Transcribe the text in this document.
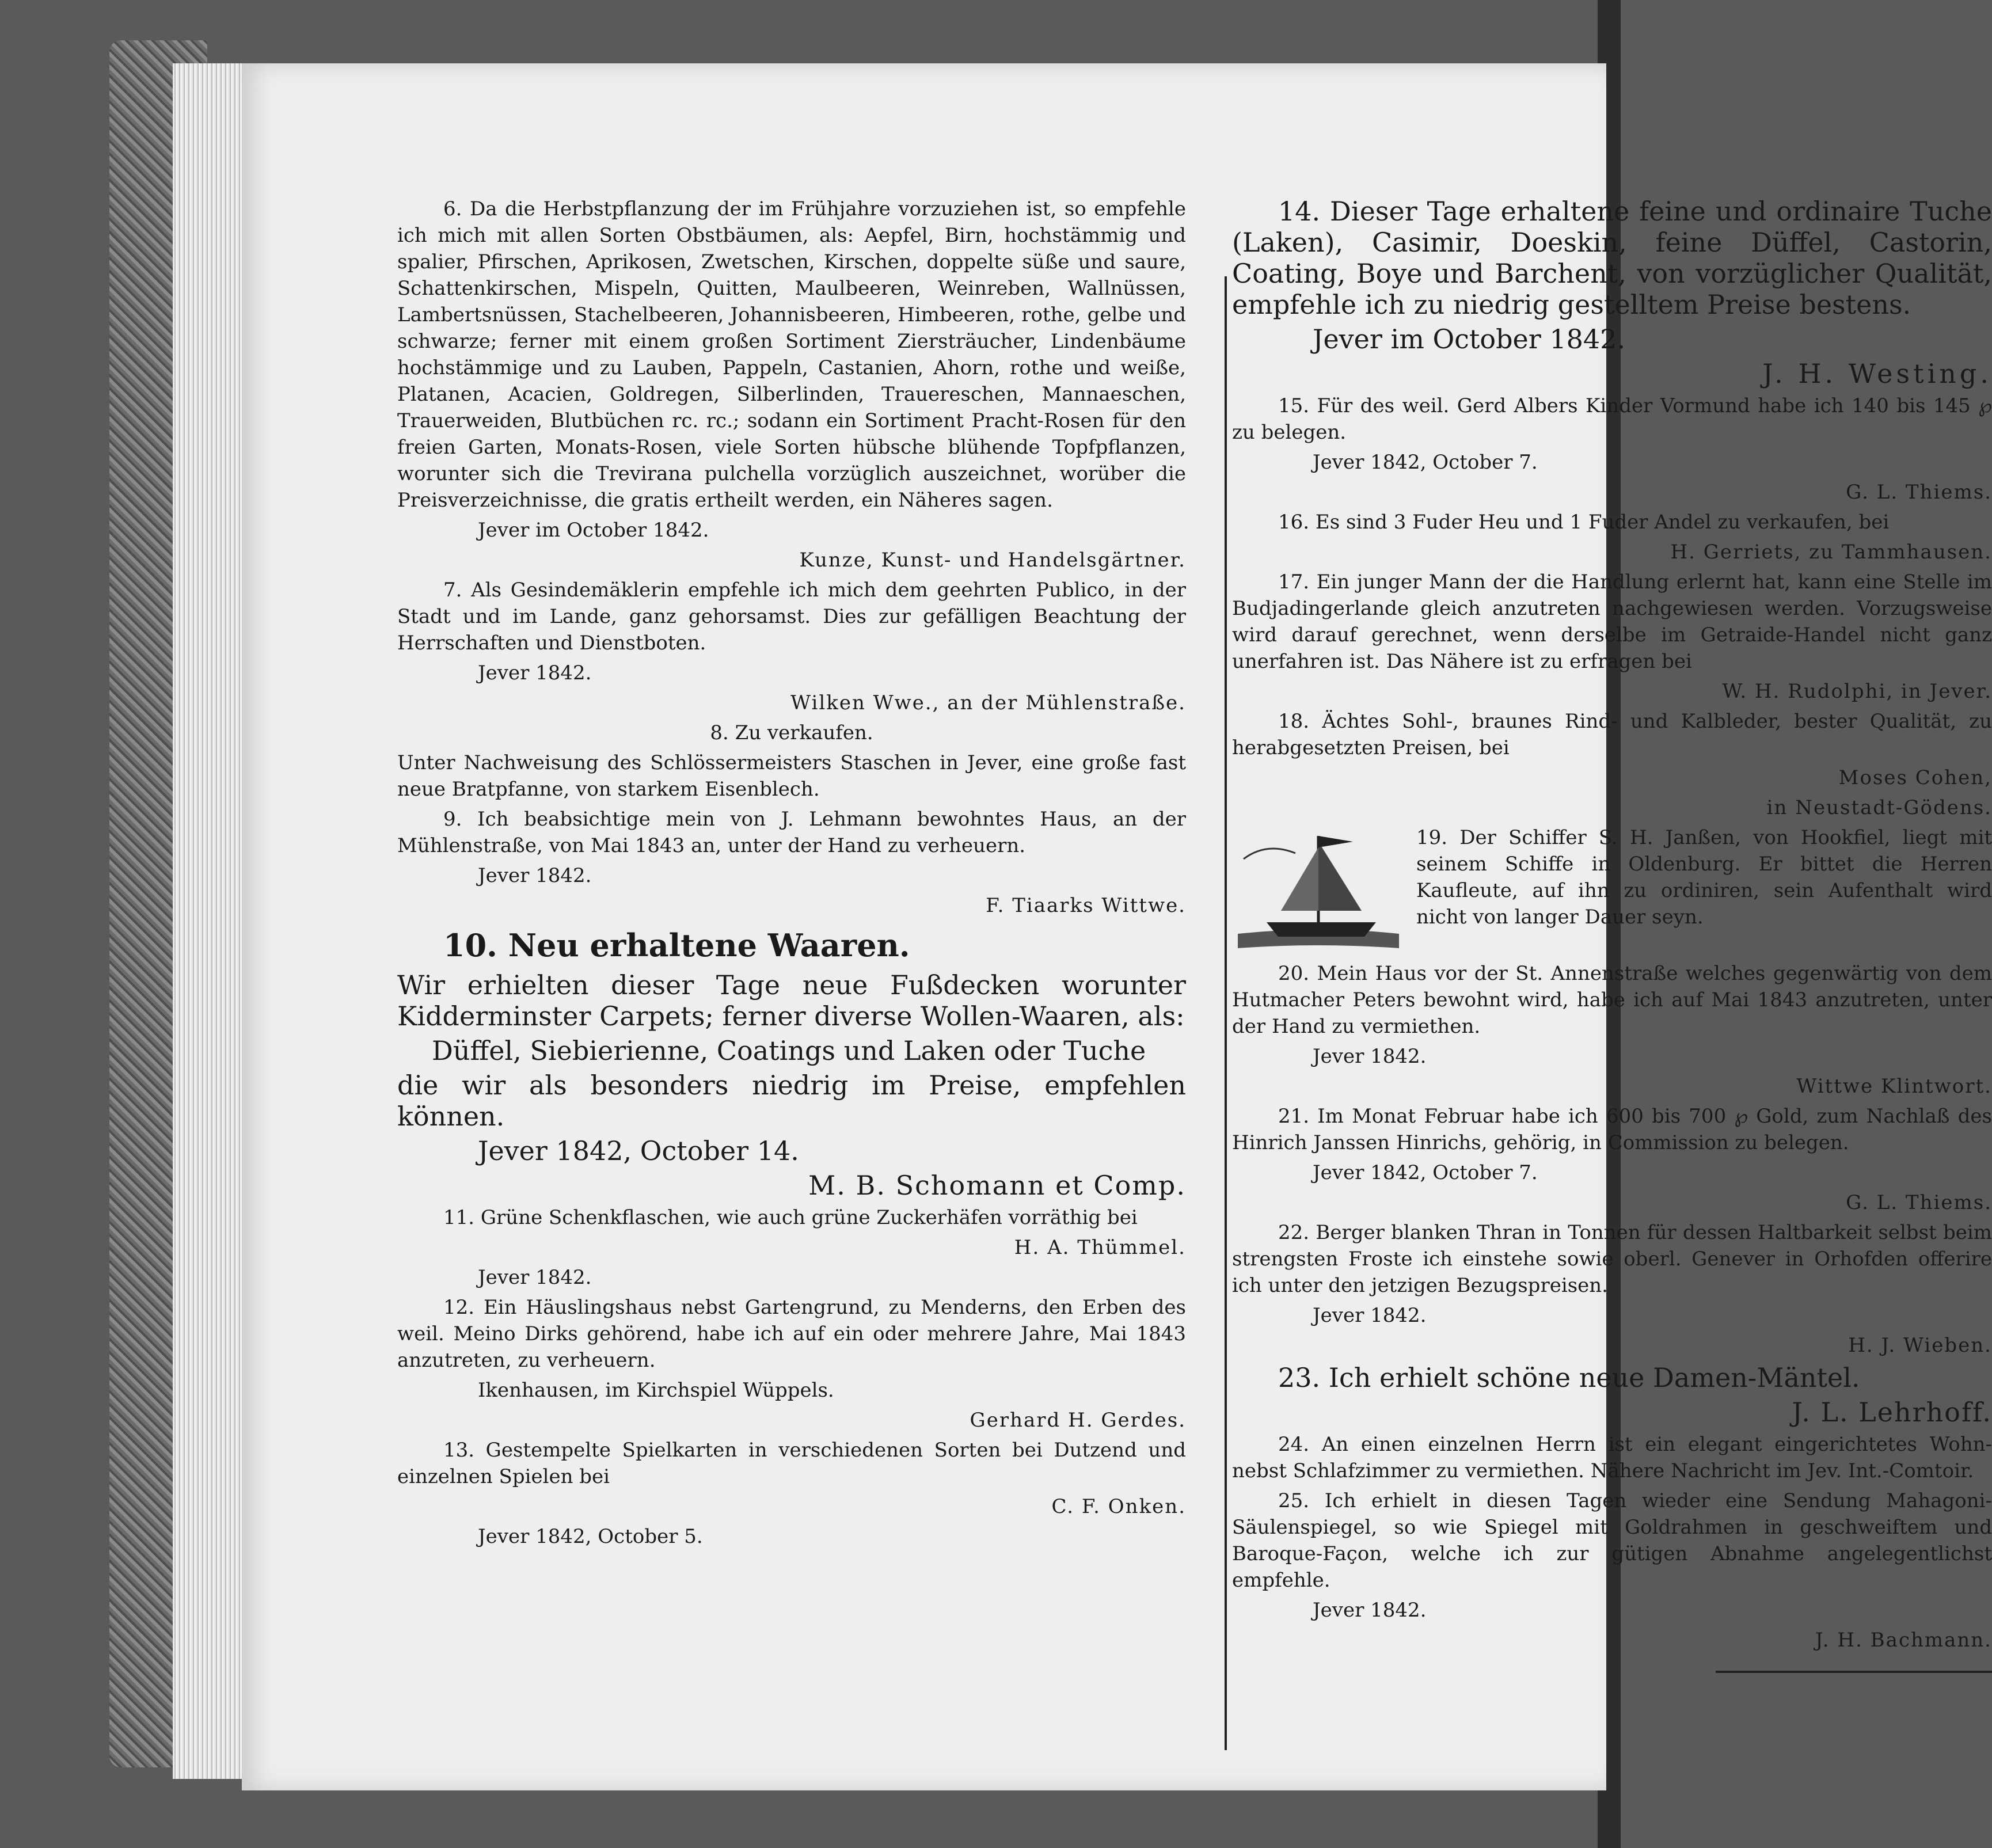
6. Da die Herbstpflanzung der im Frühjahre vorzuziehen ist, so empfehle ich mich mit allen Sorten Obstbäumen, als: Aepfel, Birn, hochstämmig und spalier, Pfirschen, Aprikosen, Zwetschen, Kirschen, doppelte süße und saure, Schattenkirschen, Mispeln, Quitten, Maulbeeren, Weinreben, Wallnüssen, Lambertsnüssen, Stachelbeeren, Johannisbeeren, Himbeeren, rothe, gelbe und schwarze; ferner mit einem großen Sortiment Ziersträucher, Lindenbäume hochstämmige und zu Lauben, Pappeln, Castanien, Ahorn, rothe und weiße, Platanen, Acacien, Goldregen, Silberlinden, Trauereschen, Mannaeschen, Trauerweiden, Blutbüchen rc. rc.; sodann ein Sortiment Pracht-Rosen für den freien Garten, Monats-Rosen, viele Sorten hübsche blühende Topfpflanzen, worunter sich die Trevirana pulchella vorzüglich auszeichnet, worüber die Preisverzeichnisse, die gratis ertheilt werden, ein Näheres sagen.

Jever im October 1842.

Kunze, Kunst- und Handelsgärtner.

7. Als Gesindemäklerin empfehle ich mich dem geehrten Publico, in der Stadt und im Lande, ganz gehorsamst. Dies zur gefälligen Beachtung der Herrschaften und Dienstboten.

Jever 1842.

Wilken Wwe., an der Mühlenstraße.

8. Zu verkaufen.

Unter Nachweisung des Schlössermeisters Staschen in Jever, eine große fast neue Bratpfanne, von starkem Eisenblech.

9. Ich beabsichtige mein von J. Lehmann bewohntes Haus, an der Mühlenstraße, von Mai 1843 an, unter der Hand zu verheuern.

Jever 1842.

F. Tiaarks Wittwe.

10. Neu erhaltene Waaren.

Wir erhielten dieser Tage neue Fußdecken worunter Kidderminster Carpets; ferner diverse Wollen-Waaren, als:

Düffel, Siebierienne, Coatings und Laken oder Tuche

die wir als besonders niedrig im Preise, empfehlen können.

Jever 1842, October 14.

M. B. Schomann et Comp.

11. Grüne Schenkflaschen, wie auch grüne Zuckerhäfen vorräthig bei

H. A. Thümmel.

Jever 1842.

12. Ein Häuslingshaus nebst Gartengrund, zu Menderns, den Erben des weil. Meino Dirks gehörend, habe ich auf ein oder mehrere Jahre, Mai 1843 anzutreten, zu verheuern.

Ikenhausen, im Kirchspiel Wüppels.

Gerhard H. Gerdes.

13. Gestempelte Spielkarten in verschiedenen Sorten bei Dutzend und einzelnen Spielen bei

C. F. Onken.

Jever 1842, October 5.

14. Dieser Tage erhaltene feine und ordinaire Tuche (Laken), Casimir, Doeskin, feine Düffel, Castorin, Coating, Boye und Barchent, von vorzüglicher Qualität, empfehle ich zu niedrig gestelltem Preise bestens.

Jever im October 1842.

J. H. Westing.

15. Für des weil. Gerd Albers Kinder Vormund habe ich 140 bis 145 ℘ zu belegen.

Jever 1842, October 7.

G. L. Thiems.

16. Es sind 3 Fuder Heu und 1 Fuder Andel zu verkaufen, bei

H. Gerriets, zu Tammhausen.

17. Ein junger Mann der die Handlung erlernt hat, kann eine Stelle im Budjadingerlande gleich anzutreten nachgewiesen werden. Vorzugsweise wird darauf gerechnet, wenn derselbe im Getraide-Handel nicht ganz unerfahren ist. Das Nähere ist zu erfragen bei

W. H. Rudolphi, in Jever.

18. Ächtes Sohl-, braunes Rind- und Kalbleder, bester Qualität, zu herabgesetzten Preisen, bei

Moses Cohen,

in Neustadt-Gödens.

19. Der Schiffer S. H. Janßen, von Hookfiel, liegt mit seinem Schiffe in Oldenburg. Er bittet die Herren Kaufleute, auf ihn zu ordiniren, sein Aufenthalt wird nicht von langer Dauer seyn.

20. Mein Haus vor der St. Annenstraße welches gegenwärtig von dem Hutmacher Peters bewohnt wird, habe ich auf Mai 1843 anzutreten, unter der Hand zu vermiethen.

Jever 1842.

Wittwe Klintwort.

21. Im Monat Februar habe ich 600 bis 700 ℘ Gold, zum Nachlaß des Hinrich Janssen Hinrichs, gehörig, in Commission zu belegen.

Jever 1842, October 7.

G. L. Thiems.

22. Berger blanken Thran in Tonnen für dessen Haltbarkeit selbst beim strengsten Froste ich einstehe sowie oberl. Genever in Orhofden offerire ich unter den jetzigen Bezugspreisen.

Jever 1842.

H. J. Wieben.

23. Ich erhielt schöne neue Damen-Mäntel.

J. L. Lehrhoff.

24. An einen einzelnen Herrn ist ein elegant eingerichtetes Wohn- nebst Schlafzimmer zu vermiethen. Nähere Nachricht im Jev. Int.-Comtoir.

25. Ich erhielt in diesen Tagen wieder eine Sendung Mahagoni-Säulenspiegel, so wie Spiegel mit Goldrahmen in geschweiftem und Baroque-Façon, welche ich zur gütigen Abnahme angelegentlichst empfehle.

Jever 1842.

J. H. Bachmann.
